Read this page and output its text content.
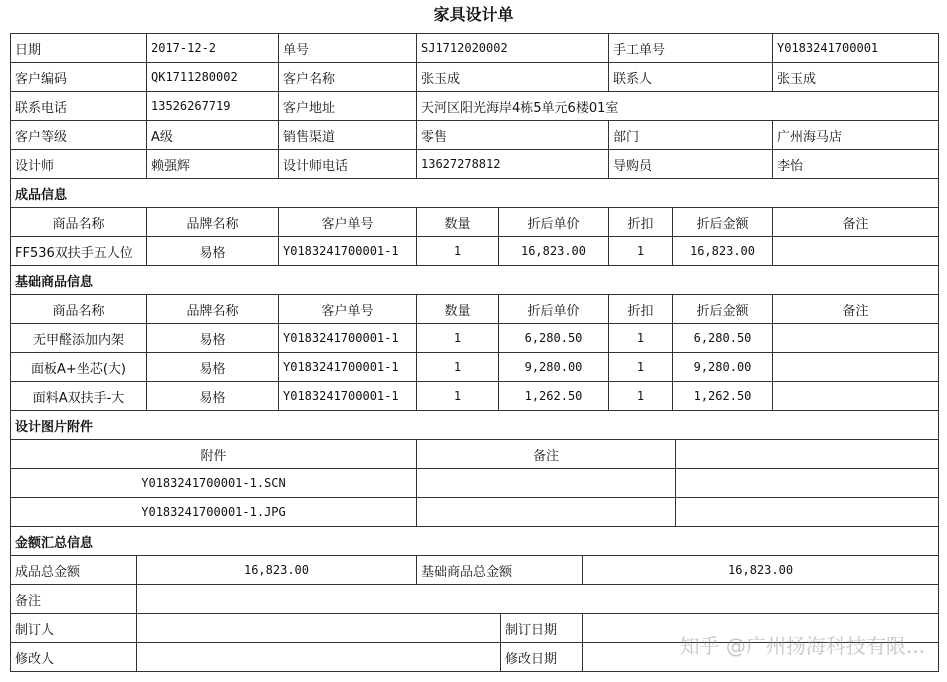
家具设计单
日期	2017-12-2	单号	SJ1712020002	手工单号	Y0183241700001
客户编码	QK1711280002	客户名称	张玉成	联系人	张玉成
联系电话	13526267719	客户地址	天河区阳光海岸4栋5单元6楼01室		
客户等级	A级	销售渠道	零售	部门	广州海马店
设计师	赖强辉	设计师电话	13627278812	导购员	李怡
成品信息							
商品名称	品牌名称	客户单号	数量	折后单价	折扣	折后金额	备注
FF536双扶手五人位	易格	Y0183241700001-1	1	16,823.00	1	16,823.00	
基础商品信息							
商品名称	品牌名称	客户单号	数量	折后单价	折扣	折后金额	备注
无甲醛添加内架	易格	Y0183241700001-1	1	6,280.50	1	6,280.50	
面板A+坐芯(大)	易格	Y0183241700001-1	1	9,280.00	1	9,280.00	
面料A双扶手-大	易格	Y0183241700001-1	1	1,262.50	1	1,262.50	
设计图片附件		
附件	备注	
Y0183241700001-1.SCN		
Y0183241700001-1.JPG		
金额汇总信息				
成品总金额	16,823.00	基础商品总金额		16,823.00
备注				
制订人			制订日期	
修改人			修改日期	
知乎 @广州扬海科技有限...
